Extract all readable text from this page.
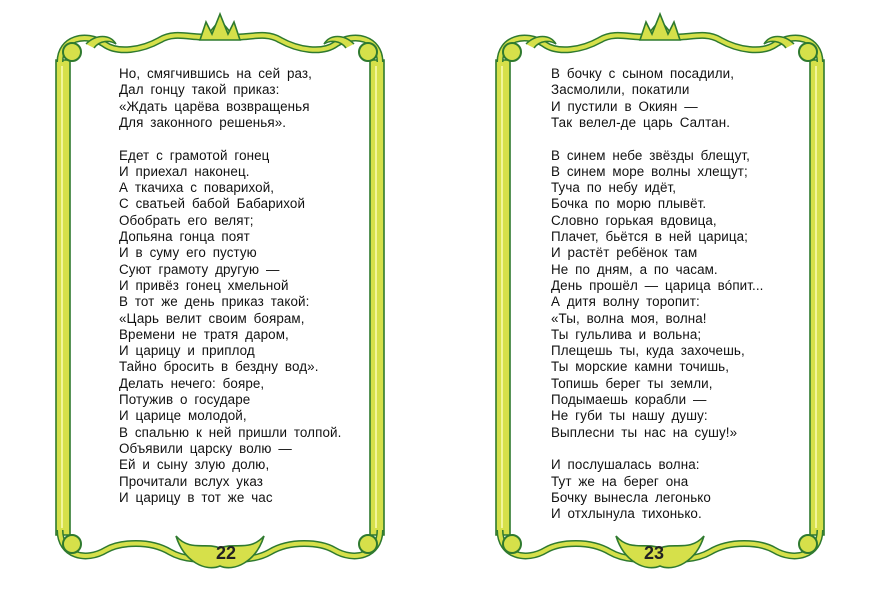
Но, смягчившись на сей раз,
Дал гонцу такой приказ:
«Ждать царёва возвращенья
Для законного решенья».
Едет с грамотой гонец
И приехал наконец.
А ткачиха с поварихой,
С сватьей бабой Бабарихой
Обобрать его велят;
Допьяна гонца поят
И в суму его пустую
Суют грамоту другую —
И привёз гонец хмельной
В тот же день приказ такой:
«Царь велит своим боярам,
Времени не тратя даром,
И царицу и приплод
Тайно бросить в бездну вод».
Делать нечего: бояре,
Потужив о государе
И царице молодой,
В спальню к ней пришли толпой.
Объявили царску волю —
Ей и сыну злую долю,
Прочитали вслух указ
И царицу в тот же час
22
В бочку с сыном посадили,
Засмолили, покатили
И пустили в Окиян —
Так велел-де царь Салтан.
В синем небе звёзды блещут,
В синем море волны хлещут;
Туча по небу идёт,
Бочка по морю плывёт.
Словно горькая вдовица,
Плачет, бьётся в ней царица;
И растёт ребёнок там
Не по дням, а по часам.
День прошёл — царица вóпит...
А дитя волну торопит:
«Ты, волна моя, волна!
Ты гульлива и вольна;
Плещешь ты, куда захочешь,
Ты морские камни точишь,
Топишь берег ты земли,
Подымаешь корабли —
Не губи ты нашу душу:
Выплесни ты нас на сушу!»
И послушалась волна:
Тут же на берег она
Бочку вынесла легонько
И отхлынула тихонько.
23
